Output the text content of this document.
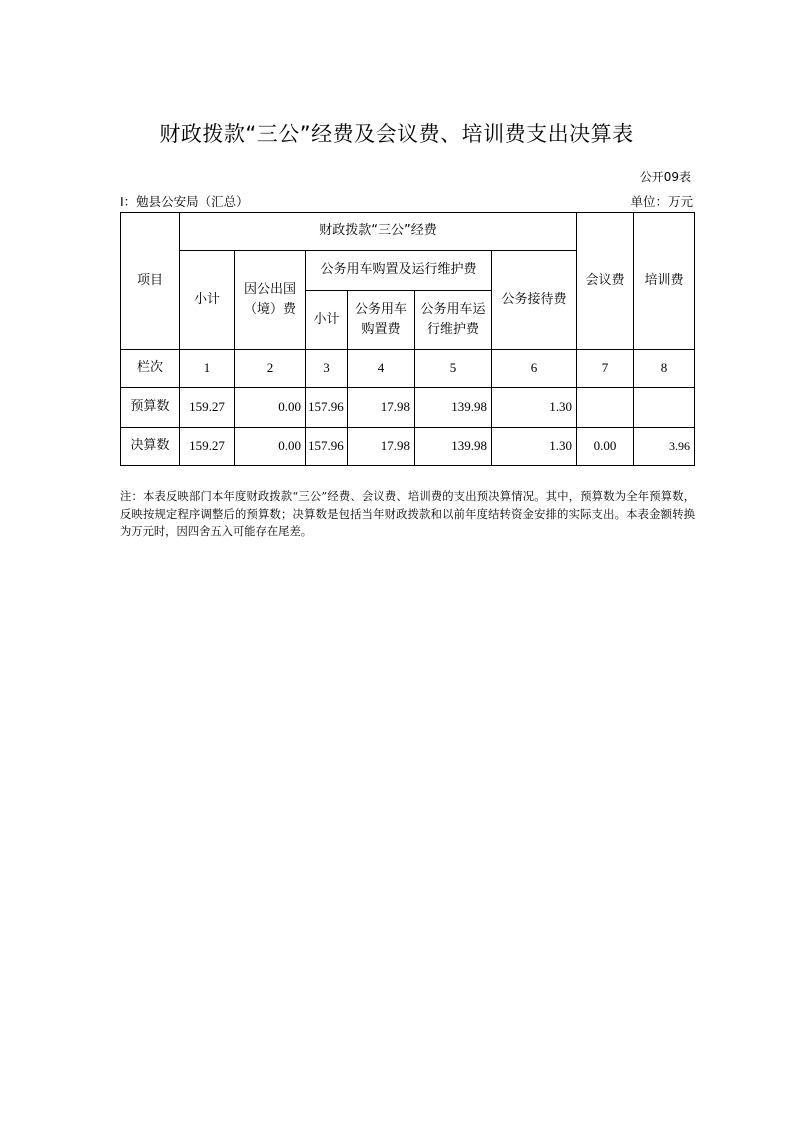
财政拨款“三公”经费及会议费、培训费支出决算表
公开09表
I：勉县公安局（汇总）	单位：万元
项目	财政拨款“三公”经费						会议费	培训费
	小计	因公出国（境）费	公务用车购置及运行维护费			公务接待费		
			小计	公务用车购置费	公务用车运行维护费			
栏次	1	2	3	4	5	6	7	8
预算数	159.27	0.00	157.96	17.98	139.98	1.30		
决算数	159.27	0.00	157.96	17.98	139.98	1.30	0.00	3.96
注：本表反映部门本年度财政拨款“三公”经费、会议费、培训费的支出预决算情况。其中，预算数为全年预算数，反映按规定程序调整后的预算数；决算数是包括当年财政拨款和以前年度结转资金安排的实际支出。本表金额转换为万元时，因四舍五入可能存在尾差。
